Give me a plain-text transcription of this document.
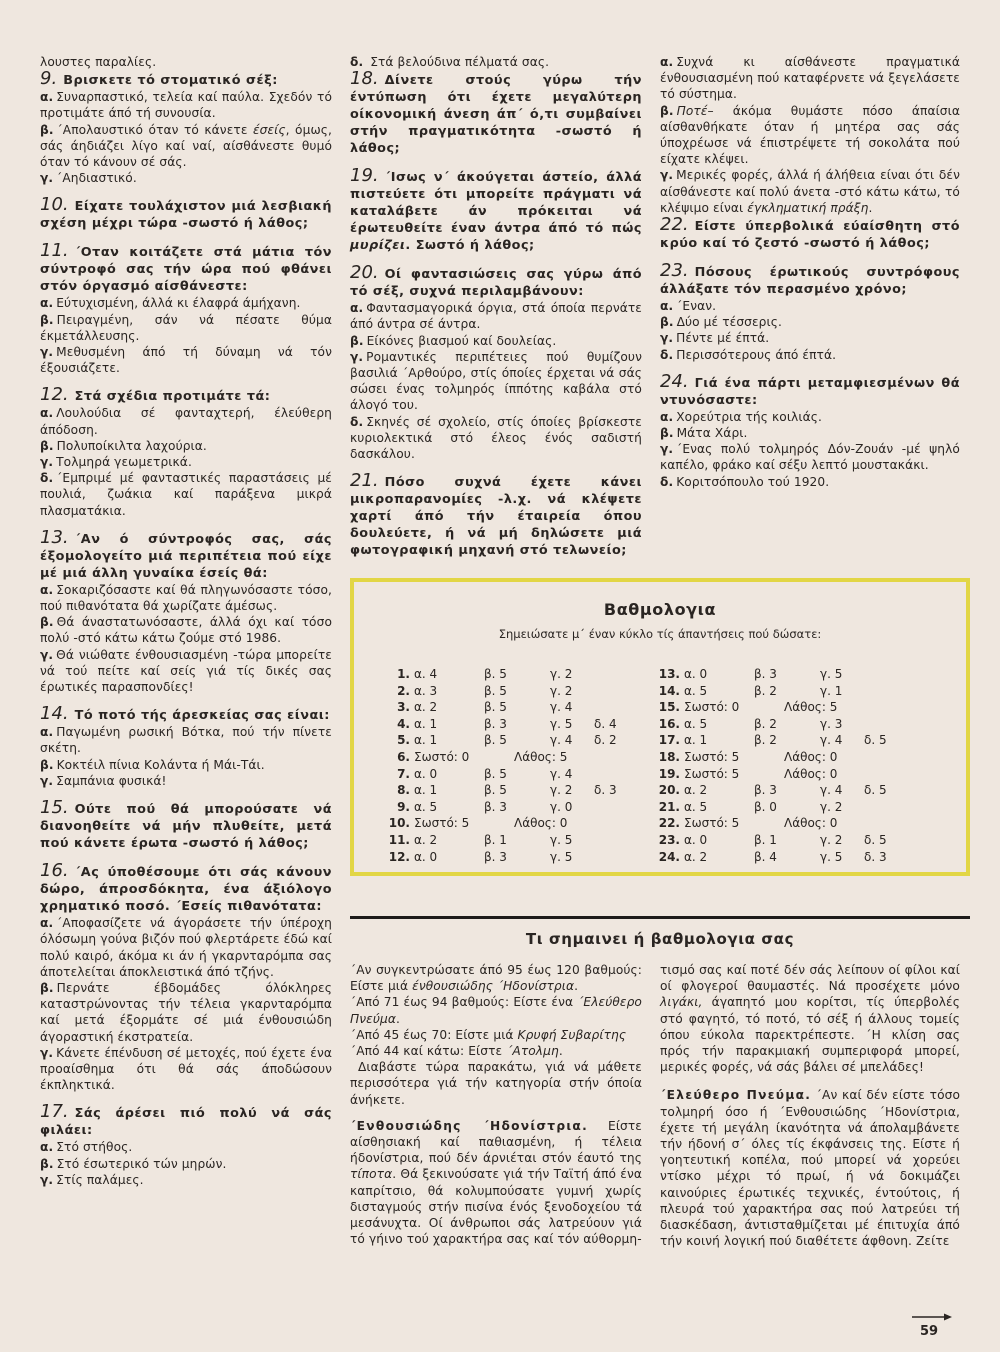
λουστες παραλίες.
9. Βρισκετε τό στοματικό σέξ:
α. Συναρπαστικό, τελεία καί παύλα. Σχεδόν τό προτιμάτε άπό τή συνουσία.
β. ΄Απολαυστικό όταν τό κάνετε έσείς, όμως, σάς άηδιάζει λίγο καί ναί, αίσθάνεστε θυμό όταν τό κάνουν σέ σάς.
γ. ΄Αηδιαστικό.
10. Είχατε τουλάχιστον μιά λεσβιακή σχέση μέχρι τώρα -σωστό ή λάθος;
11. ΄Οταν κοιτάζετε στά μάτια τόν σύντροφό σας τήν ώρα πού φθάνει στόν όργασμό αίσθάνεστε:
α. Εύτυχισμένη, άλλά κι έλαφρά άμήχανη.
β. Πειραγμένη, σάν νά πέσατε θύμα έκμετάλλευσης.
γ. Μεθυσμένη άπό τή δύναμη νά τόν έξουσιάζετε.
12. Στά σχέδια προτιμάτε τά:
α. Λουλούδια σέ φανταχτερή, έλεύθερη άπόδοση.
β. Πολυποίκιλτα λαχούρια.
γ. Τολμηρά γεωμετρικά.
δ. ΄Εμπριμέ μέ φανταστικές παραστάσεις μέ πουλιά, ζωάκια καί παράξενα μικρά πλασματάκια.
13. ΄Αν ό σύντροφός σας, σάς έξομολογείτο μιά περιπέτεια πού είχε μέ μιά άλλη γυναίκα έσείς θά:
α. Σοκαριζόσαστε καί θά πληγωνόσαστε τόσο, πού πιθανότατα θά χωρίζατε άμέσως.
β. Θά άναστατωνόσαστε, άλλά όχι καί τόσο πολύ -στό κάτω κάτω ζούμε στό 1986.
γ. Θά νιώθατε ένθουσιασμένη -τώρα μπορείτε νά τού πείτε καί σείς γιά τίς δικές σας έρωτικές παρασπονδίες!
14. Τό ποτό τής άρεσκείας σας είναι:
α. Παγωμένη ρωσική Βότκα, πού τήν πίνετε σκέτη.
β. Κοκτέιλ πίνια Κολάντα ή Μάι-Τάι.
γ. Σαμπάνια φυσικά!
15. Ούτε πού θά μπορούσατε νά διανοηθείτε νά μήν πλυθείτε, μετά πού κάνετε έρωτα -σωστό ή λάθος;
16. ΄Ας ύποθέσουμε ότι σάς κάνουν δώρο, άπροσδόκητα, ένα άξιόλογο χρηματικό ποσό. ΄Εσείς πιθανότατα:
α. ΄Αποφασίζετε νά άγοράσετε τήν ύπέροχη όλόσωμη γούνα βιζόν πού φλερτάρετε έδώ καί πολύ καιρό, άκόμα κι άν ή γκαρνταρόμπα σας άποτελείται άποκλειστικά άπό τζήνς.
β. Περνάτε έβδομάδες όλόκληρες καταστρώνοντας τήν τέλεια γκαρνταρόμπα καί μετά έξορμάτε σέ μιά ένθουσιώδη άγοραστική έκστρατεία.
γ. Κάνετε έπένδυση σέ μετοχές, πού έχετε ένα προαίσθημα ότι θά σάς άποδώσουν έκπληκτικά.
17. Σάς άρέσει πιό πολύ νά σάς φιλάει:
α. Στό στήθος.
β. Στό έσωτερικό τών μηρών.
γ. Στίς παλάμες.
δ. Στά βελούδινα πέλματά σας.
18. Δίνετε στούς γύρω τήν έντύπωση ότι έχετε μεγαλύτερη οίκονομική άνεση άπ΄ ό,τι συμβαίνει στήν πραγματικότητα -σωστό ή λάθος;
19. ΄Ισως ν΄ άκούγεται άστείο, άλλά πιστεύετε ότι μπορείτε πράγματι νά καταλάβετε άν πρόκειται νά έρωτευθείτε έναν άντρα άπό τό πώς μυρίζει. Σωστό ή λάθος;
20. Οί φαντασιώσεις σας γύρω άπό τό σέξ, συχνά περιλαμβάνουν:
α. Φαντασμαγορικά όργια, στά όποία περνάτε άπό άντρα σέ άντρα.
β. Είκόνες βιασμού καί δουλείας.
γ. Ρομαντικές περιπέτειες πού θυμίζουν βασιλιά ΄Αρθούρο, στίς όποίες έρχεται νά σάς σώσει ένας τολμηρός ίππότης καβάλα στό άλογό του.
δ. Σκηνές σέ σχολείο, στίς όποίες βρίσκεστε κυριολεκτικά στό έλεος ένός σαδιστή δασκάλου.
21. Πόσο συχνά έχετε κάνει μικροπαρανομίες -λ.χ. νά κλέψετε χαρτί άπό τήν έταιρεία όπου δουλεύετε, ή νά μή δηλώσετε μιά φωτογραφική μηχανή στό τελωνείο;
α. Συχνά κι αίσθάνεστε πραγματικά ένθουσιασμένη πού καταφέρνετε νά ξεγελάσετε τό σύστημα.
β. Ποτέ– άκόμα θυμάστε πόσο άπαίσια αίσθανθήκατε όταν ή μητέρα σας σάς ύποχρέωσε νά έπιστρέψετε τή σοκολάτα πού είχατε κλέψει.
γ. Μερικές φορές, άλλά ή άλήθεια είναι ότι δέν αίσθάνεστε καί πολύ άνετα -στό κάτω κάτω, τό κλέψιμο είναι έγκληματική πράξη.
22. Είστε ύπερβολικά εύαίσθητη στό κρύο καί τό ζεστό -σωστό ή λάθος;
23. Πόσους έρωτικούς συντρόφους άλλάξατε τόν περασμένο χρόνο;
α. ΄Εναν.
β. Δύο μέ τέσσερις.
γ. Πέντε μέ έπτά.
δ. Περισσότερους άπό έπτά.
24. Γιά ένα πάρτι μεταμφιεσμένων θά ντυνόσαστε:
α. Χορεύτρια τής κοιλιάς.
β. Μάτα Χάρι.
γ. ΄Ενας πολύ τολμηρός Δόν-Ζουάν -μέ ψηλό καπέλο, φράκο καί σέξυ λεπτό μουστακάκι.
δ. Κοριτσόπουλο τού 1920.
Βαθμολογια
Σημειώσατε μ΄ έναν κύκλο τίς άπαντήσεις πού δώσατε:
1. α. 4	β. 5	γ. 2
2. α. 3	β. 5	γ. 2
3. α. 2	β. 5	γ. 4
4. α. 1	β. 3	γ. 5	δ. 4
5. α. 1	β. 5	γ. 4	δ. 2
6. Σωστό: 0	Λάθος: 5
7. α. 0	β. 5	γ. 4
8. α. 1	β. 5	γ. 2	δ. 3
9. α. 5	β. 3	γ. 0
10. Σωστό: 5	Λάθος: 0
11. α. 2	β. 1	γ. 5
12. α. 0	β. 3	γ. 5
13. α. 0	β. 3	γ. 5
14. α. 5	β. 2	γ. 1
15. Σωστό: 0	Λάθος: 5
16. α. 5	β. 2	γ. 3
17. α. 1	β. 2	γ. 4	δ. 5
18. Σωστό: 5	Λάθος: 0
19. Σωστό: 5	Λάθος: 0
20. α. 2	β. 3	γ. 4	δ. 5
21. α. 5	β. 0	γ. 2
22. Σωστό: 5	Λάθος: 0
23. α. 0	β. 1	γ. 2	δ. 5
24. α. 2	β. 4	γ. 5	δ. 3
Τι σημαινει ή βαθμολογια σας
΄Αν συγκεντρώσατε άπό 95 έως 120 βαθμούς: Είστε μιά ένθουσιώδης ΄Ηδονίστρια.
΄Από 71 έως 94 βαθμούς: Είστε ένα ΄Ελεύθερο Πνεύμα.
΄Από 45 έως 70: Είστε μιά Κρυφή Συβαρίτης
΄Από 44 καί κάτω: Είστε ΄Ατολμη.
Διαβάστε τώρα παρακάτω, γιά νά μάθετε περισσότερα γιά τήν κατηγορία στήν όποία άνήκετε.
΄Ενθουσιώδης ΄Ηδονίστρια. Είστε αίσθησιακή καί παθιασμένη, ή τέλεια ήδονίστρια, πού δέν άρνιέται στόν έαυτό της τίποτα. Θά ξεκινούσατε γιά τήν Ταϊτή άπό ένα καπρίτσιο, θά κολυμπούσατε γυμνή χωρίς δισταγμούς στήν πισίνα ένός ξενοδοχείου τά μεσάνυχτα. Οί άνθρωποι σάς λατρεύουν γιά τό γήινο τού χαρακτήρα σας καί τόν αύθορμη-
τισμό σας καί ποτέ δέν σάς λείπουν οί φίλοι καί οί φλογεροί θαυμαστές. Νά προσέχετε μόνο λιγάκι, άγαπητό μου κορίτσι, τίς ύπερβολές στό φαγητό, τό ποτό, τό σέξ ή άλλους τομείς όπου εύκολα παρεκτρέπεστε. ΄Η κλίση σας πρός τήν παρακμιακή συμπεριφορά μπορεί, μερικές φορές, νά σάς βάλει σέ μπελάδες!
΄Ελεύθερο Πνεύμα. ΄Αν καί δέν είστε τόσο τολμηρή όσο ή ΄Ενθουσιώδης ΄Ηδονίστρια, έχετε τή μεγάλη ίκανότητα νά άπολαμβάνετε τήν ήδονή σ΄ όλες τίς έκφάνσεις της. Είστε ή γοητευτική κοπέλα, πού μπορεί νά χορεύει ντίσκο μέχρι τό πρωί, ή νά δοκιμάζει καινούριες έρωτικές τεχνικές, έντούτοις, ή πλευρά τού χαρακτήρα σας πού λατρεύει τή διασκέδαση, άντισταθμίζεται μέ έπιτυχία άπό τήν κοινή λογική πού διαθέτετε άφθονη. Ζείτε
59
